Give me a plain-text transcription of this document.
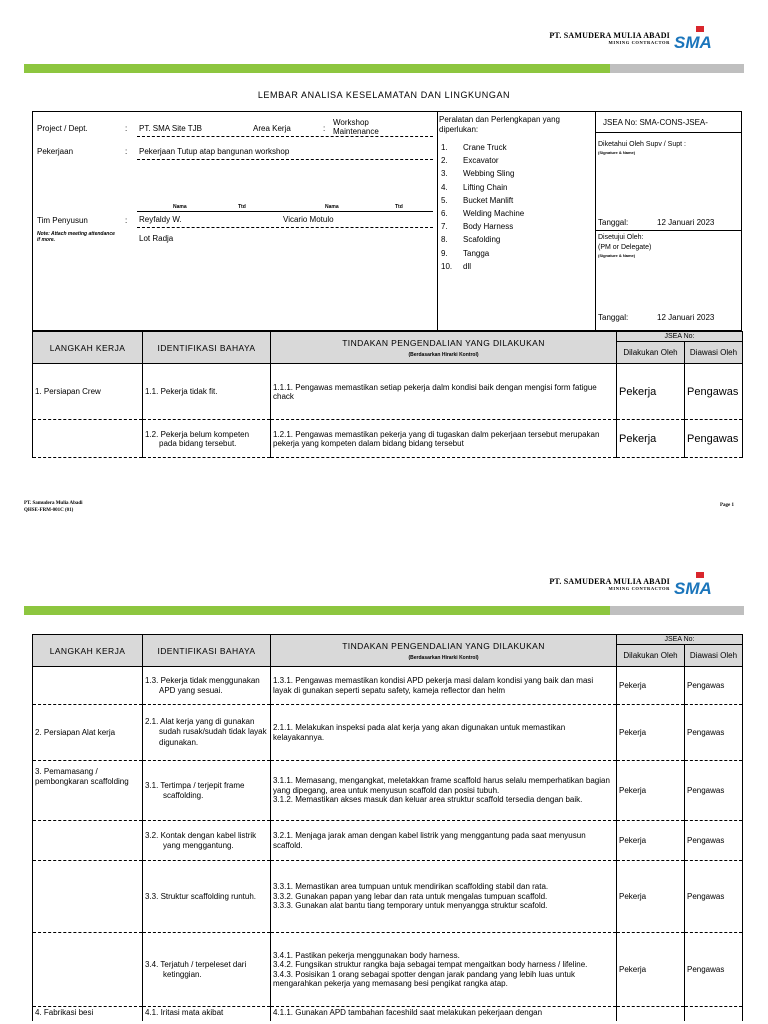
PT. SAMUDERA MULIA ABADI
MINING CONTRACTOR SMA
LEMBAR ANALISA KESELAMATAN DAN LINGKUNGAN
Project / Dept.	: PT. SMA Site TJB	Area Kerja	:
Workshop Maintenance
Pekerjaan	: Pekerjaan Tutup atap bangunan workshop
Nama	Ttd	Nama	Ttd
Tim Penyusun	: Reyfaldy W.	Vicario Motulo
Note: Attach meeting attendance if more.	Lot Radja
Peralatan dan Perlengkapan yang diperlukan:
1.	Crane Truck
2.	Excavator
3.	Webbing Sling
4.	Lifting Chain
5.	Bucket Manlift
6.	Welding Machine
7.	Body Harness
8.	Scafolding
9.	Tangga
10.	dll
JSEA No: SMA-CONS-JSEA-
Diketahui Oleh Supv / Supt :
(Signature & Name)
Tanggal:	12 Januari 2023
Disetujui Oleh:
(PM or Delegate)
(Signature & Name)
Tanggal:	12 Januari 2023
LANGKAH KERJA	IDENTIFIKASI BAHAYA	TINDAKAN PENGENDALIAN YANG DILAKUKAN
(Berdasarkan Hirarki Kontrol)	JSEA No:	
			Dilakukan Oleh	Diawasi Oleh
1. Persiapan Crew	1.1. Pekerja tidak fit.	1.1.1. Pengawas memastikan setiap pekerja dalm kondisi baik dengan mengisi form fatigue chack	Pekerja	Pengawas
	1.2. Pekerja belum kompeten pada bidang tersebut.	1.2.1. Pengawas memastikan pekerja yang di tugaskan dalm pekerjaan tersebut merupakan pekerja yang kompeten dalam bidang bidang tersebut	Pekerja	Pengawas
PT. Samudera Mulia Abadi
QHSE-FRM-001C (01)
Page 1
PT. SAMUDERA MULIA ABADI
MINING CONTRACTOR SMA
LANGKAH KERJA	IDENTIFIKASI BAHAYA	TINDAKAN PENGENDALIAN YANG DILAKUKAN
(Berdasarkan Hirarki Kontrol)	JSEA No:	
			Dilakukan Oleh	Diawasi Oleh
	1.3. Pekerja tidak menggunakan APD yang sesuai.	1.3.1. Pengawas memastikan kondisi APD pekerja masi dalam kondisi yang baik dan masi layak di gunakan seperti sepatu safety, kameja reflector dan helm	Pekerja	Pengawas
2. Persiapan Alat kerja	2.1. Alat kerja yang di gunakan sudah rusak/sudah tidak layak digunakan.	2.1.1. Melakukan inspeksi pada alat kerja yang akan digunakan untuk memastikan kelayakannya.	Pekerja	Pengawas
3. Pemamasang / pembongkaran scaffolding	3.1. Tertimpa / terjepit frame scaffolding.	3.1.1. Memasang, mengangkat, meletakkan frame scaffold harus selalu memperhatikan bagian yang dipegang, area untuk menyusun scaffold dan posisi tubuh.
3.1.2. Memastikan akses masuk dan keluar area struktur scaffold tersedia dengan baik.	Pekerja	Pengawas
	3.2. Kontak dengan kabel listrik yang menggantung.	3.2.1. Menjaga jarak aman dengan kabel listrik yang menggantung pada saat menyusun scaffold.	Pekerja	Pengawas
	3.3. Struktur scaffolding runtuh.	3.3.1. Memastikan area tumpuan untuk mendirikan scaffolding stabil dan rata.
3.3.2. Gunakan papan yang lebar dan rata untuk mengalas tumpuan scaffold.
3.3.3. Gunakan alat bantu tiang temporary untuk menyangga struktur scafold.	Pekerja	Pengawas
	3.4. Terjatuh / terpeleset dari ketinggian.	3.4.1. Pastikan pekerja menggunakan body harness.
3.4.2. Fungsikan struktur rangka baja sebagai tempat mengaitkan body harness / lifeline.
3.4.3. Posisikan 1 orang sebagai spotter dengan jarak pandang yang lebih luas untuk mengarahkan pekerja yang memasang besi pengikat rangka atap.	Pekerja	Pengawas
4. Fabrikasi besi	4.1. Iritasi mata akibat	4.1.1. Gunakan APD tambahan faceshild saat melakukan pekerjaan dengan		
